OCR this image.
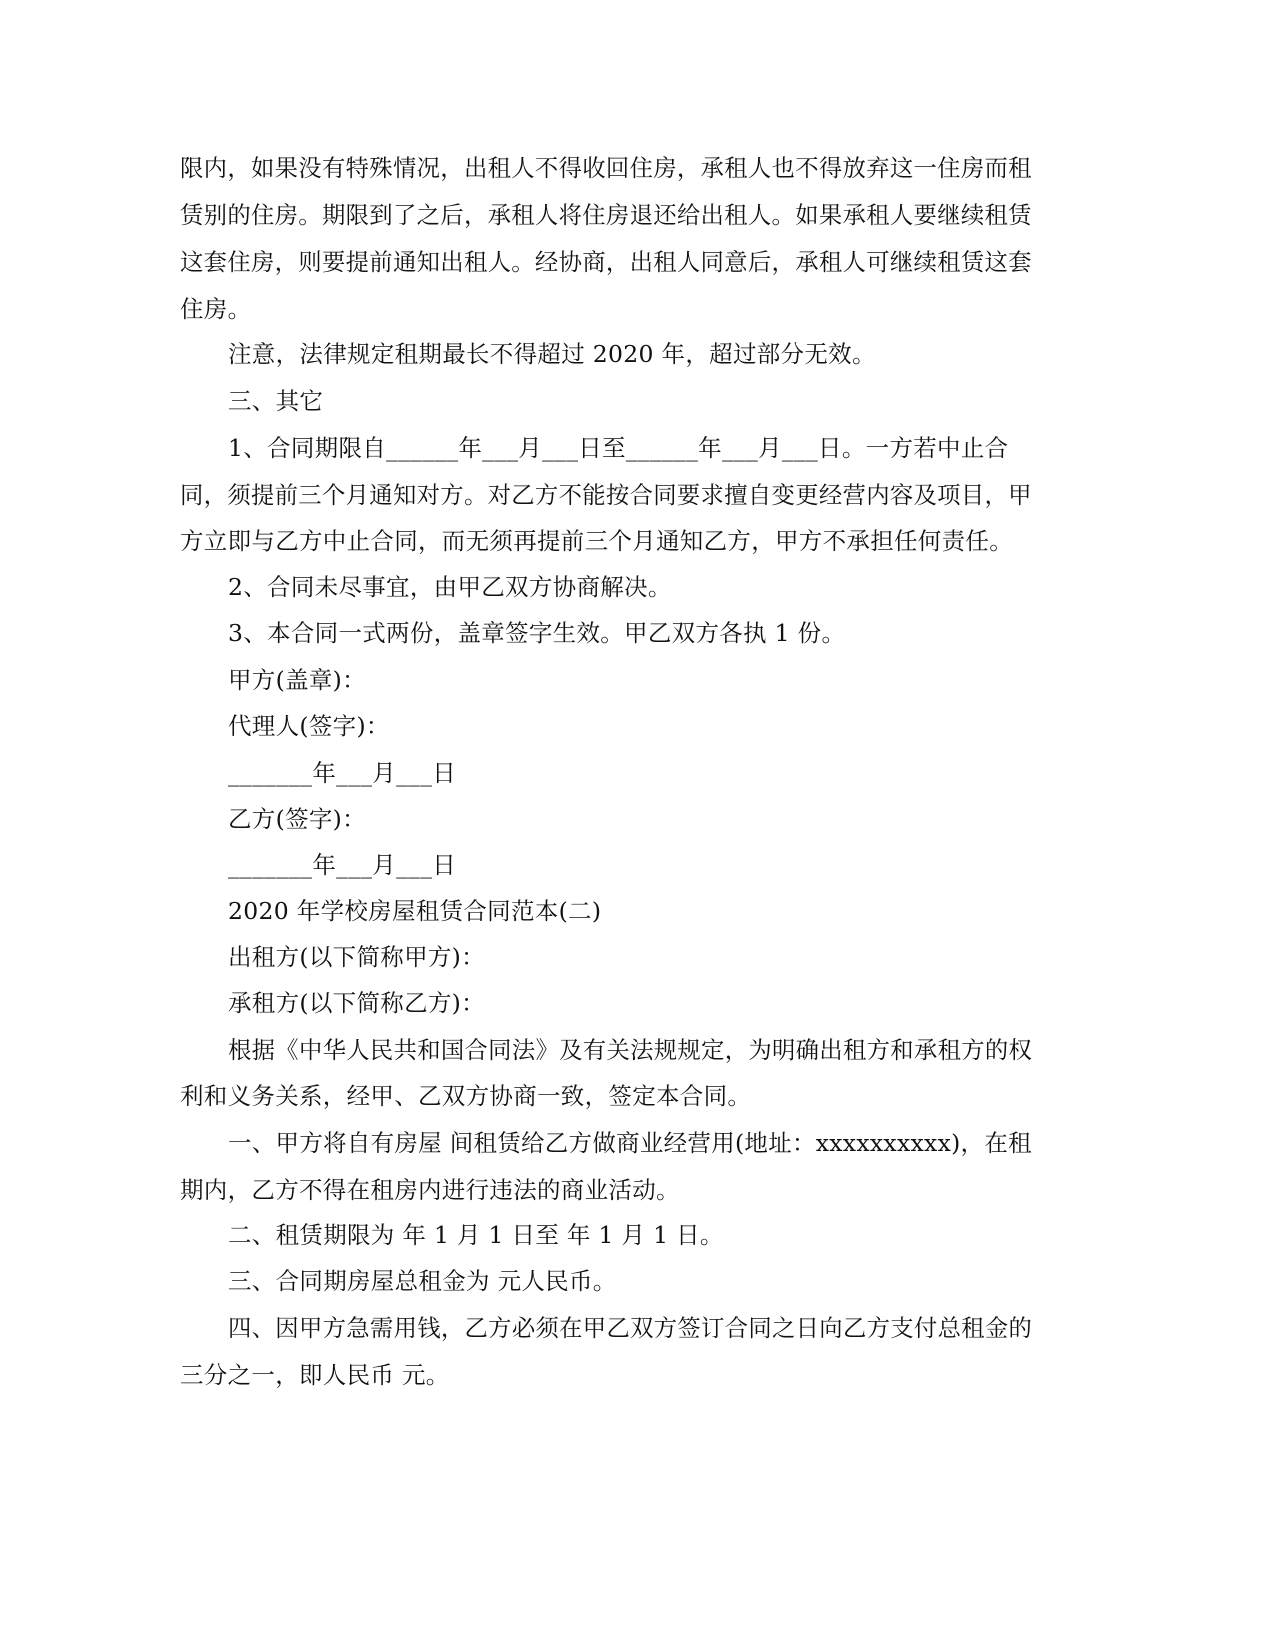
限内，如果没有特殊情况，出租人不得收回住房，承租人也不得放弃这一住房而租
赁别的住房。期限到了之后，承租人将住房退还给出租人。如果承租人要继续租赁
这套住房，则要提前通知出租人。经协商，出租人同意后，承租人可继续租赁这套
住房。
注意，法律规定租期最长不得超过 2020 年，超过部分无效。
三、其它
1、合同期限自______年___月___日至______年___月___日。一方若中止合
同，须提前三个月通知对方。对乙方不能按合同要求擅自变更经营内容及项目，甲
方立即与乙方中止合同，而无须再提前三个月通知乙方，甲方不承担任何责任。
2、合同未尽事宜，由甲乙双方协商解决。
3、本合同一式两份，盖章签字生效。甲乙双方各执 1 份。
甲方(盖章)：
代理人(签字)：
_______年___月___日
乙方(签字)：
_______年___月___日
2020 年学校房屋租赁合同范本(二)
出租方(以下简称甲方)：
承租方(以下简称乙方)：
根据《中华人民共和国合同法》及有关法规规定，为明确出租方和承租方的权
利和义务关系，经甲、乙双方协商一致，签定本合同。
一、甲方将自有房屋 间租赁给乙方做商业经营用(地址：xxxxxxxxxx)，在租
期内，乙方不得在租房内进行违法的商业活动。
二、租赁期限为 年 1 月 1 日至 年 1 月 1 日。
三、合同期房屋总租金为 元人民币。
四、因甲方急需用钱，乙方必须在甲乙双方签订合同之日向乙方支付总租金的
三分之一，即人民币 元。
